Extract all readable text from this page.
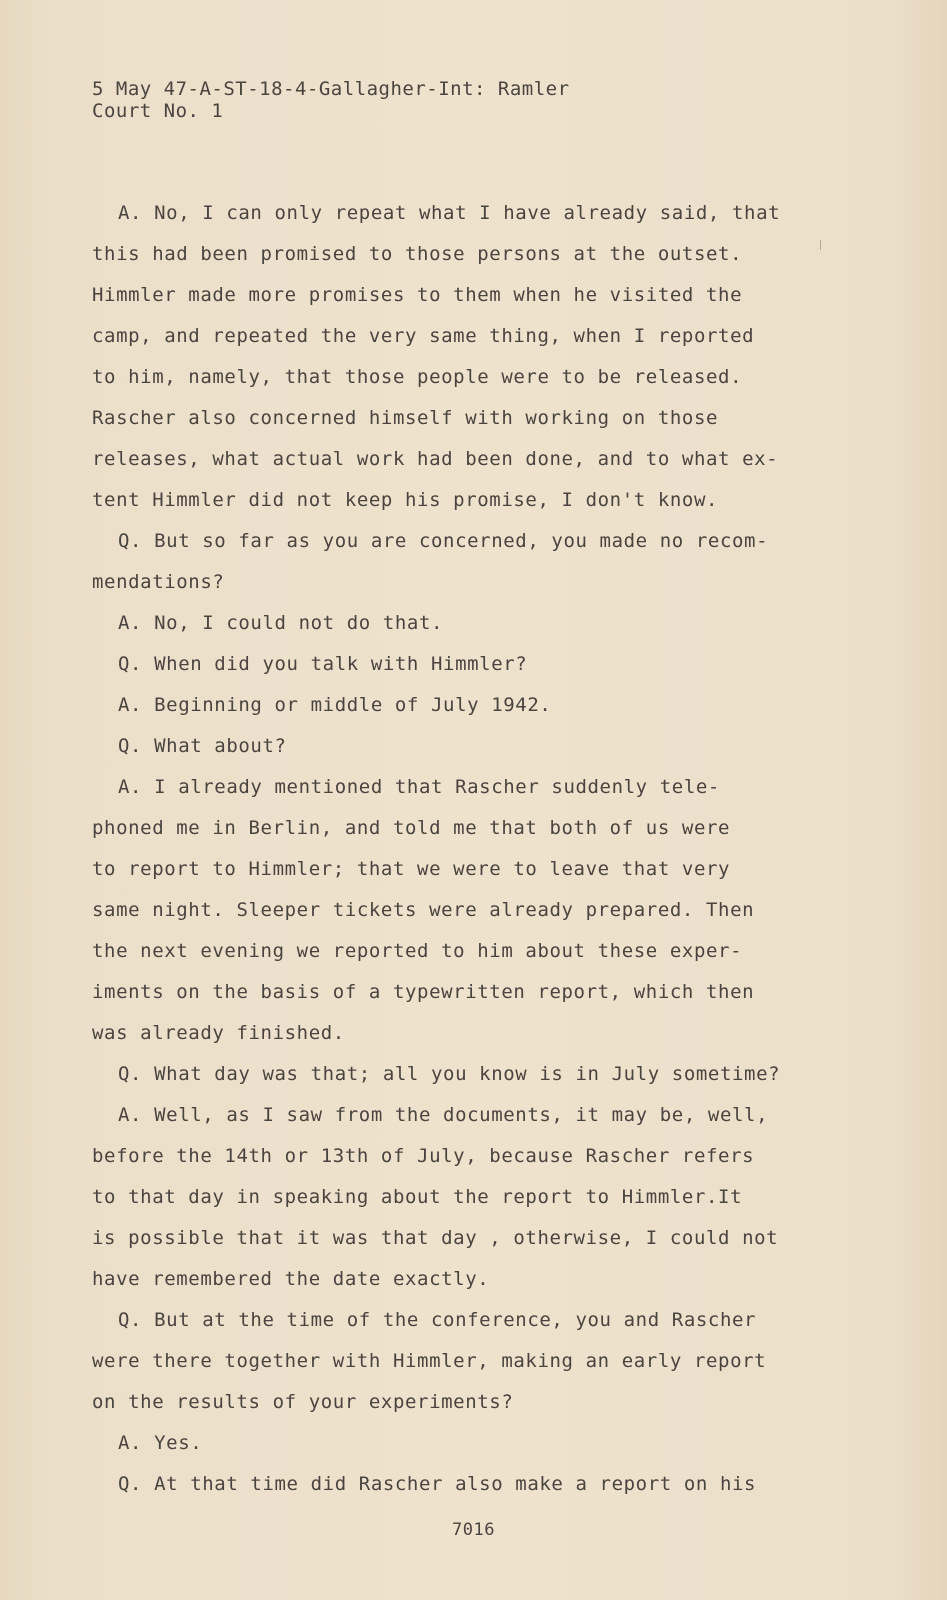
5 May 47-A-ST-18-4-Gallagher-Int: Ramler
Court No. 1
A. No, I can only repeat what I have already said, that
this had been promised to those persons at the outset.
Himmler made more promises to them when he visited the
camp, and repeated the very same thing, when I reported
to him, namely, that those people were to be released.
Rascher also concerned himself with working on those
releases, what actual work had been done, and to what ex-
tent Himmler did not keep his promise, I don't know.
Q. But so far as you are concerned, you made no recom-
mendations?
A. No, I could not do that.
Q. When did you talk with Himmler?
A. Beginning or middle of July 1942.
Q. What about?
A. I already mentioned that Rascher suddenly tele-
phoned me in Berlin, and told me that both of us were
to report to Himmler; that we were to leave that very
same night. Sleeper tickets were already prepared. Then
the next evening we reported to him about these exper-
iments on the basis of a typewritten report, which then
was already finished.
Q. What day was that; all you know is in July sometime?
A. Well, as I saw from the documents, it may be, well,
before the 14th or 13th of July, because Rascher refers
to that day in speaking about the report to Himmler.It
is possible that it was that day , otherwise, I could not
have remembered the date exactly.
Q. But at the time of the conference, you and Rascher
were there together with Himmler, making an early report
on the results of your experiments?
A. Yes.
Q. At that time did Rascher also make a report on his
7016
